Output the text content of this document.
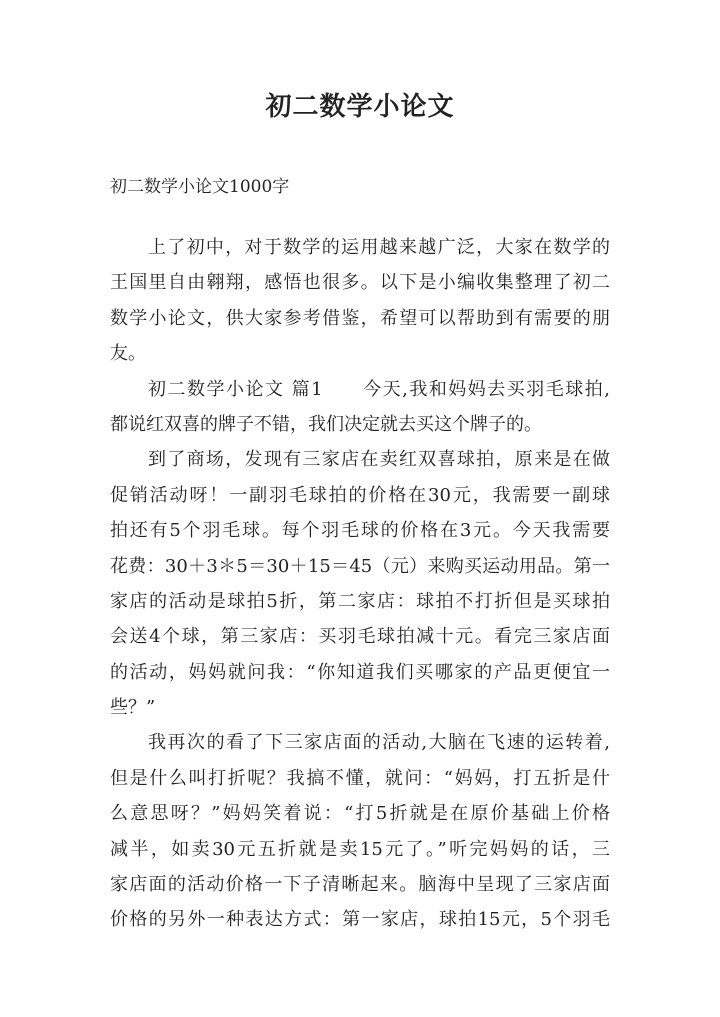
初二数学小论文
初二数学小论文1000字
上了初中，对于数学的运用越来越广泛，大家在数学的
王国里自由翱翔，感悟也很多。以下是小编收集整理了初二
数学小论文，供大家参考借鉴，希望可以帮助到有需要的朋
友。
初二数学小论文 篇1　　今天,我和妈妈去买羽毛球拍,
都说红双喜的牌子不错，我们决定就去买这个牌子的。
到了商场，发现有三家店在卖红双喜球拍，原来是在做
促销活动呀！一副羽毛球拍的价格在30元，我需要一副球
拍还有5个羽毛球。每个羽毛球的价格在3元。今天我需要
花费：30＋3＊5＝30＋15＝45（元）来购买运动用品。第一
家店的活动是球拍5折，第二家店：球拍不打折但是买球拍
会送4个球，第三家店：买羽毛球拍减十元。看完三家店面
的活动，妈妈就问我：“你知道我们买哪家的产品更便宜一
些？”
我再次的看了下三家店面的活动,大脑在飞速的运转着,
但是什么叫打折呢？我搞不懂，就问：“妈妈，打五折是什
么意思呀？”妈妈笑着说：“打5折就是在原价基础上价格
减半，如卖30元五折就是卖15元了。”听完妈妈的话，三
家店面的活动价格一下子清晰起来。脑海中呈现了三家店面
价格的另外一种表达方式：第一家店，球拍15元，5个羽毛
